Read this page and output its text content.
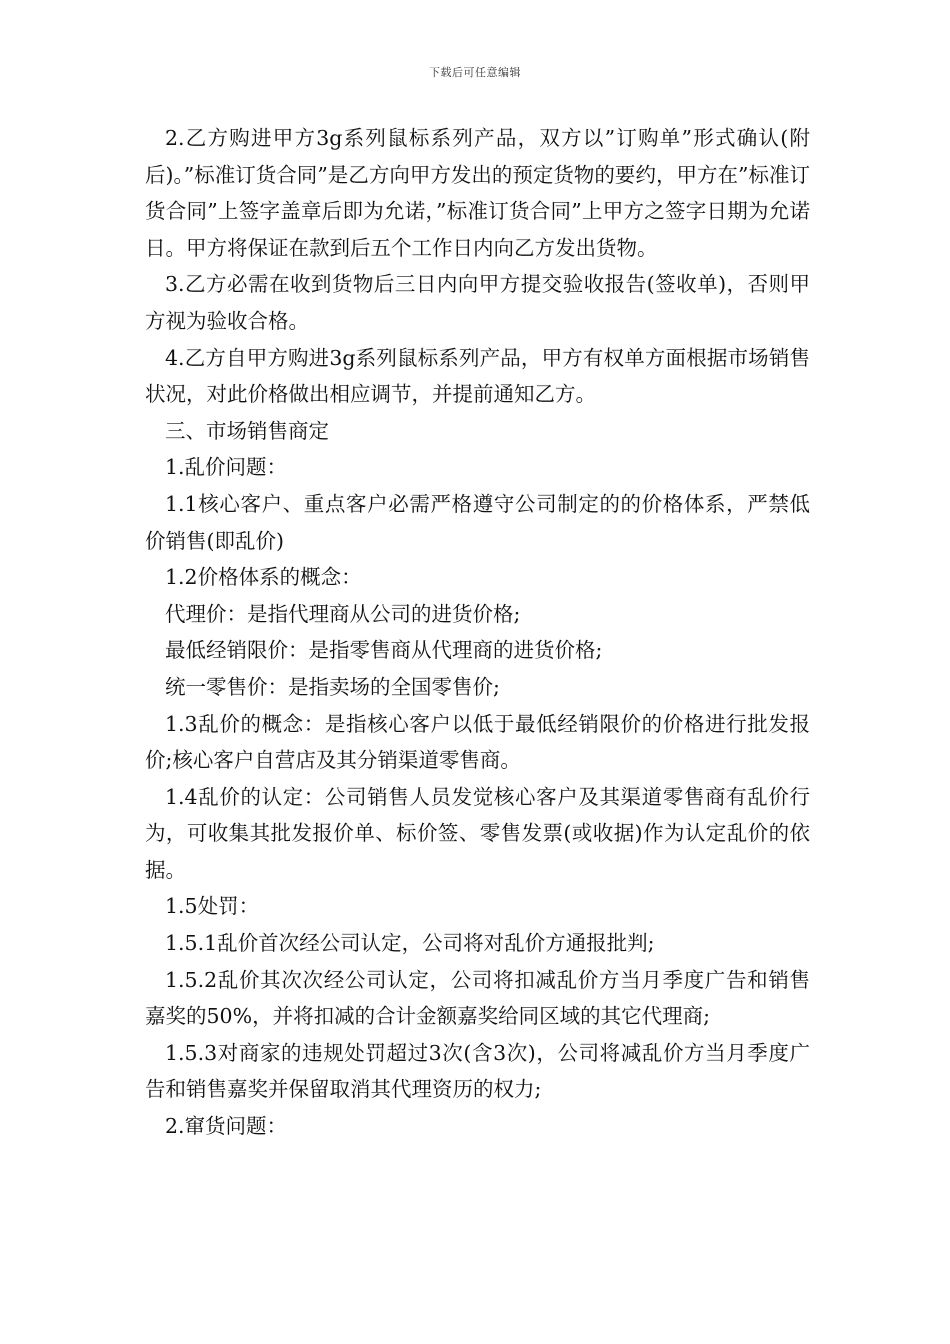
下载后可任意编辑

2.乙方购进甲方3g系列鼠标系列产品，双方以”订购单”形式确认(附后)。”标准订货合同”是乙方向甲方发出的预定货物的要约，甲方在”标准订货合同”上签字盖章后即为允诺，”标准订货合同”上甲方之签字日期为允诺日。甲方将保证在款到后五个工作日内向乙方发出货物。

3.乙方必需在收到货物后三日内向甲方提交验收报告(签收单)，否则甲方视为验收合格。

4.乙方自甲方购进3g系列鼠标系列产品，甲方有权单方面根据市场销售状况，对此价格做出相应调节，并提前通知乙方。

三、市场销售商定

1.乱价问题：

1.1核心客户、重点客户必需严格遵守公司制定的的价格体系，严禁低价销售(即乱价)

1.2价格体系的概念：

代理价：是指代理商从公司的进货价格;

最低经销限价：是指零售商从代理商的进货价格;

统一零售价：是指卖场的全国零售价;

1.3乱价的概念：是指核心客户以低于最低经销限价的价格进行批发报价;核心客户自营店及其分销渠道零售商。

1.4乱价的认定：公司销售人员发觉核心客户及其渠道零售商有乱价行为，可收集其批发报价单、标价签、零售发票(或收据)作为认定乱价的依据。

1.5处罚：

1.5.1乱价首次经公司认定，公司将对乱价方通报批判;

1.5.2乱价其次次经公司认定，公司将扣减乱价方当月季度广告和销售嘉奖的50%，并将扣减的合计金额嘉奖给同区域的其它代理商;

1.5.3对商家的违规处罚超过3次(含3次)，公司将减乱价方当月季度广告和销售嘉奖并保留取消其代理资历的权力;

2.窜货问题：
